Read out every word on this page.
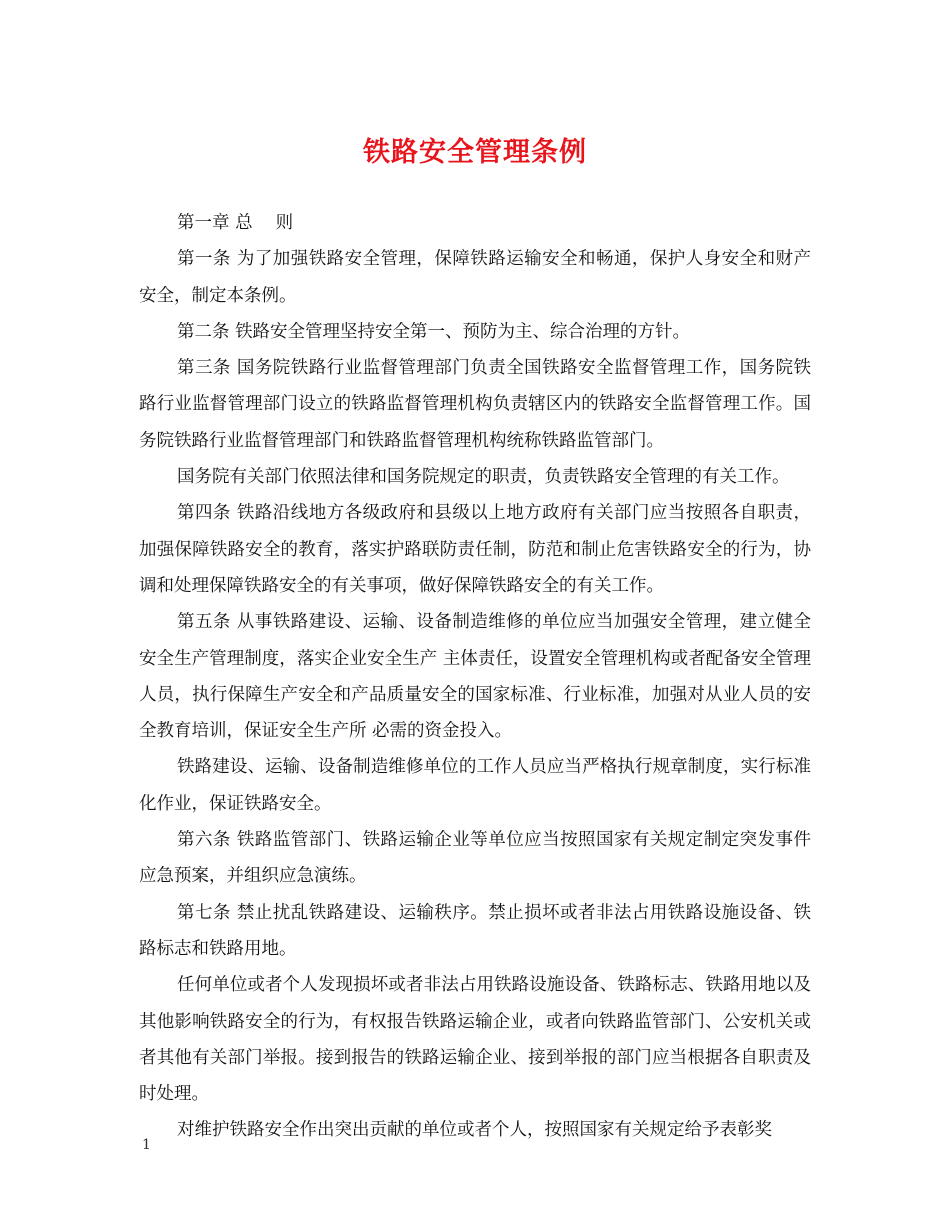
铁路安全管理条例

第一章 总　 则

第一条 为了加强铁路安全管理，保障铁路运输安全和畅通，保护人身安全和财产安全，制定本条例。

第二条 铁路安全管理坚持安全第一、预防为主、综合治理的方针。

第三条 国务院铁路行业监督管理部门负责全国铁路安全监督管理工作，国务院铁路行业监督管理部门设立的铁路监督管理机构负责辖区内的铁路安全监督管理工作。国务院铁路行业监督管理部门和铁路监督管理机构统称铁路监管部门。

国务院有关部门依照法律和国务院规定的职责，负责铁路安全管理的有关工作。

第四条 铁路沿线地方各级政府和县级以上地方政府有关部门应当按照各自职责，加强保障铁路安全的教育，落实护路联防责任制，防范和制止危害铁路安全的行为，协调和处理保障铁路安全的有关事项，做好保障铁路安全的有关工作。

第五条 从事铁路建设、运输、设备制造维修的单位应当加强安全管理，建立健全安全生产管理制度，落实企业安全生产 主体责任，设置安全管理机构或者配备安全管理人员，执行保障生产安全和产品质量安全的国家标准、行业标准，加强对从业人员的安全教育培训，保证安全生产所 必需的资金投入。

铁路建设、运输、设备制造维修单位的工作人员应当严格执行规章制度，实行标准化作业，保证铁路安全。

第六条 铁路监管部门、铁路运输企业等单位应当按照国家有关规定制定突发事件应急预案，并组织应急演练。

第七条 禁止扰乱铁路建设、运输秩序。禁止损坏或者非法占用铁路设施设备、铁路标志和铁路用地。

任何单位或者个人发现损坏或者非法占用铁路设施设备、铁路标志、铁路用地以及其他影响铁路安全的行为，有权报告铁路运输企业，或者向铁路监管部门、公安机关或者其他有关部门举报。接到报告的铁路运输企业、接到举报的部门应当根据各自职责及时处理。

对维护铁路安全作出突出贡献的单位或者个人，按照国家有关规定给予表彰奖

1
